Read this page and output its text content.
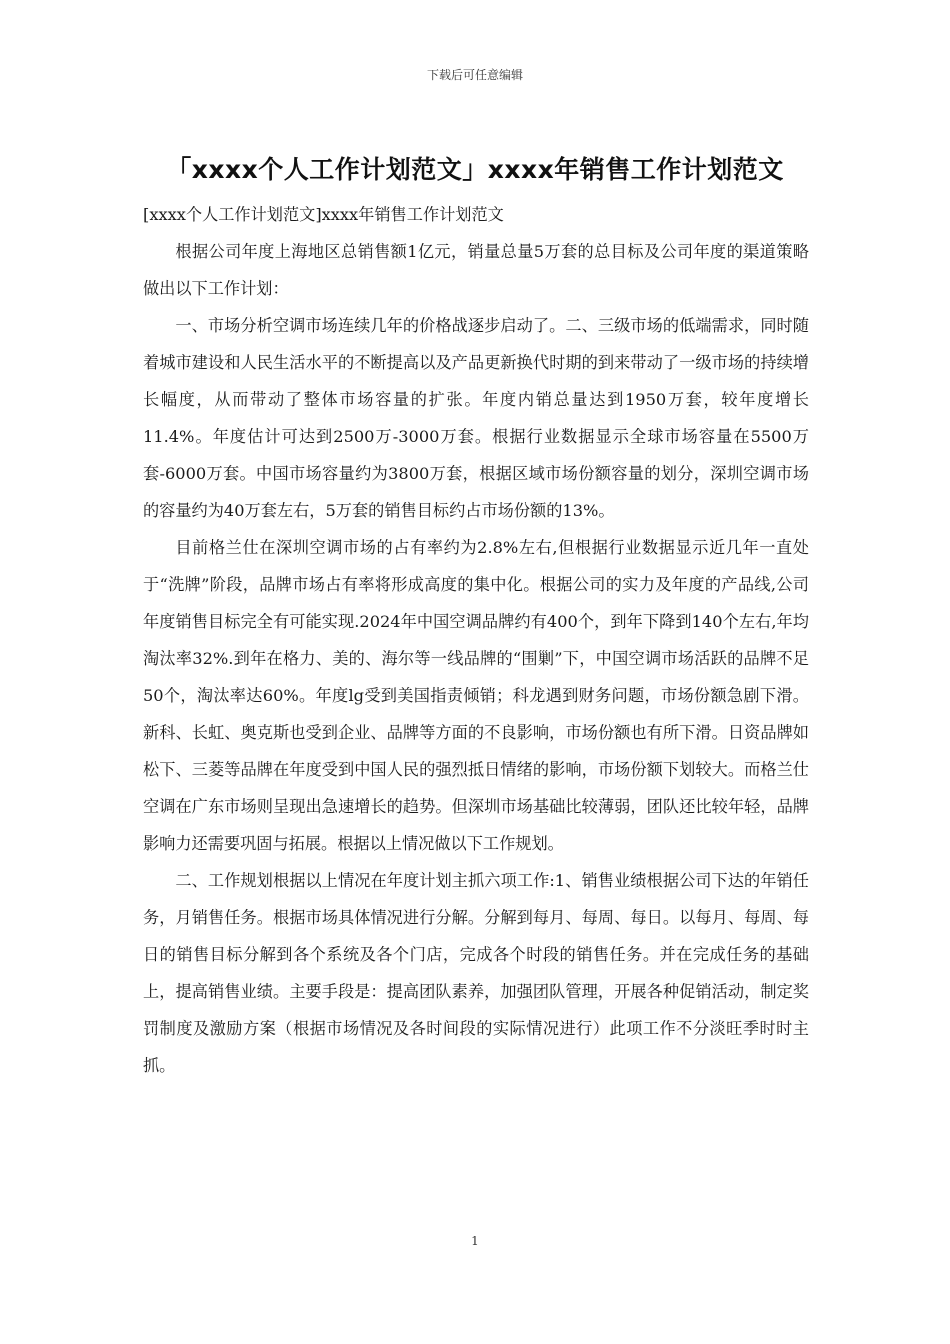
下载后可任意编辑
「xxxx个人工作计划范文」xxxx年销售工作计划范文

[xxxx个人工作计划范文]xxxx年销售工作计划范文

根据公司年度上海地区总销售额1亿元，销量总量5万套的总目标及公司年度的渠道策略做出以下工作计划：

一、市场分析空调市场连续几年的价格战逐步启动了。二、三级市场的低端需求，同时随着城市建设和人民生活水平的不断提高以及产品更新换代时期的到来带动了一级市场的持续增长幅度，从而带动了整体市场容量的扩张。年度内销总量达到1950万套，较年度增长11.4%。年度估计可达到2500万-3000万套。根据行业数据显示全球市场容量在5500万套-6000万套。中国市场容量约为3800万套，根据区域市场份额容量的划分，深圳空调市场的容量约为40万套左右，5万套的销售目标约占市场份额的13%。

目前格兰仕在深圳空调市场的占有率约为2.8%左右,但根据行业数据显示近几年一直处于“洗牌”阶段，品牌市场占有率将形成高度的集中化。根据公司的实力及年度的产品线,公司年度销售目标完全有可能实现.2024年中国空调品牌约有400个，到年下降到140个左右,年均淘汰率32%.到年在格力、美的、海尔等一线品牌的“围剿”下，中国空调市场活跃的品牌不足50个，淘汰率达60%。年度lg受到美国指责倾销；科龙遇到财务问题，市场份额急剧下滑。新科、长虹、奥克斯也受到企业、品牌等方面的不良影响，市场份额也有所下滑。日资品牌如松下、三菱等品牌在年度受到中国人民的强烈抵日情绪的影响，市场份额下划较大。而格兰仕空调在广东市场则呈现出急速增长的趋势。但深圳市场基础比较薄弱，团队还比较年轻，品牌影响力还需要巩固与拓展。根据以上情况做以下工作规划。

二、工作规划根据以上情况在年度计划主抓六项工作:1、销售业绩根据公司下达的年销任务，月销售任务。根据市场具体情况进行分解。分解到每月、每周、每日。以每月、每周、每日的销售目标分解到各个系统及各个门店，完成各个时段的销售任务。并在完成任务的基础上，提高销售业绩。主要手段是：提高团队素养，加强团队管理，开展各种促销活动，制定奖罚制度及激励方案（根据市场情况及各时间段的实际情况进行）此项工作不分淡旺季时时主抓。

1
